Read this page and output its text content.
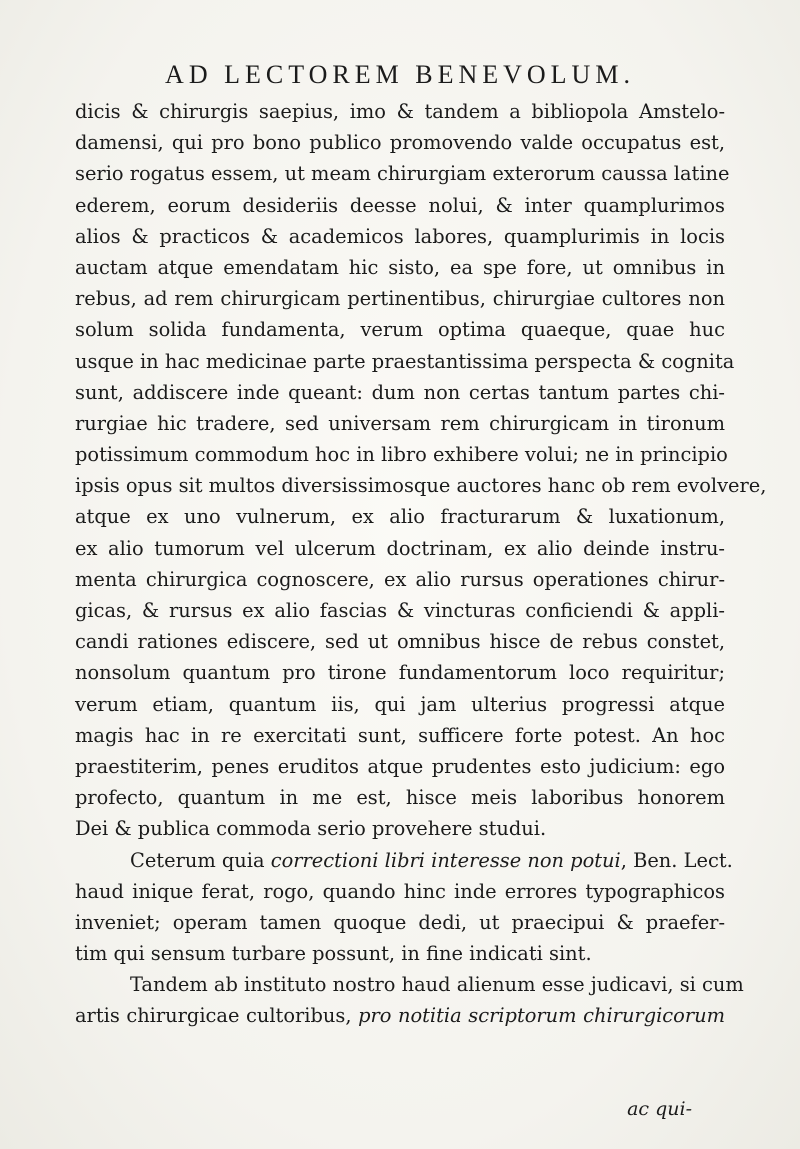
AD LECTOREM BENEVOLUM.
dicis & chirurgis saepius, imo & tandem a bibliopola Amstelo-
damensi, qui pro bono publico promovendo valde occupatus est,
serio rogatus essem, ut meam chirurgiam exterorum caussa latine
ederem, eorum desideriis deesse nolui, & inter quamplurimos
alios & practicos & academicos labores, quamplurimis in locis
auctam atque emendatam hic sisto, ea spe fore, ut omnibus in
rebus, ad rem chirurgicam pertinentibus, chirurgiae cultores non
solum solida fundamenta, verum optima quaeque, quae huc
usque in hac medicinae parte praestantissima perspecta & cognita
sunt, addiscere inde queant: dum non certas tantum partes chi-
rurgiae hic tradere, sed universam rem chirurgicam in tironum
potissimum commodum hoc in libro exhibere volui; ne in principio
ipsis opus sit multos diversissimosque auctores hanc ob rem evolvere,
atque ex uno vulnerum, ex alio fracturarum & luxationum,
ex alio tumorum vel ulcerum doctrinam, ex alio deinde instru-
menta chirurgica cognoscere, ex alio rursus operationes chirur-
gicas, & rursus ex alio fascias & vincturas conficiendi & appli-
candi rationes ediscere, sed ut omnibus hisce de rebus constet,
nonsolum quantum pro tirone fundamentorum loco requiritur;
verum etiam, quantum iis, qui jam ulterius progressi atque
magis hac in re exercitati sunt, sufficere forte potest. An hoc
praestiterim, penes eruditos atque prudentes esto judicium: ego
profecto, quantum in me est, hisce meis laboribus honorem
Dei & publica commoda serio provehere studui.
Ceterum quia correctioni libri interesse non potui, Ben. Lect.
haud inique ferat, rogo, quando hinc inde errores typographicos
inveniet; operam tamen quoque dedi, ut praecipui & praefer-
tim qui sensum turbare possunt, in fine indicati sint.
Tandem ab instituto nostro haud alienum esse judicavi, si cum
artis chirurgicae cultoribus, pro notitia scriptorum chirurgicorum
ac qui-
